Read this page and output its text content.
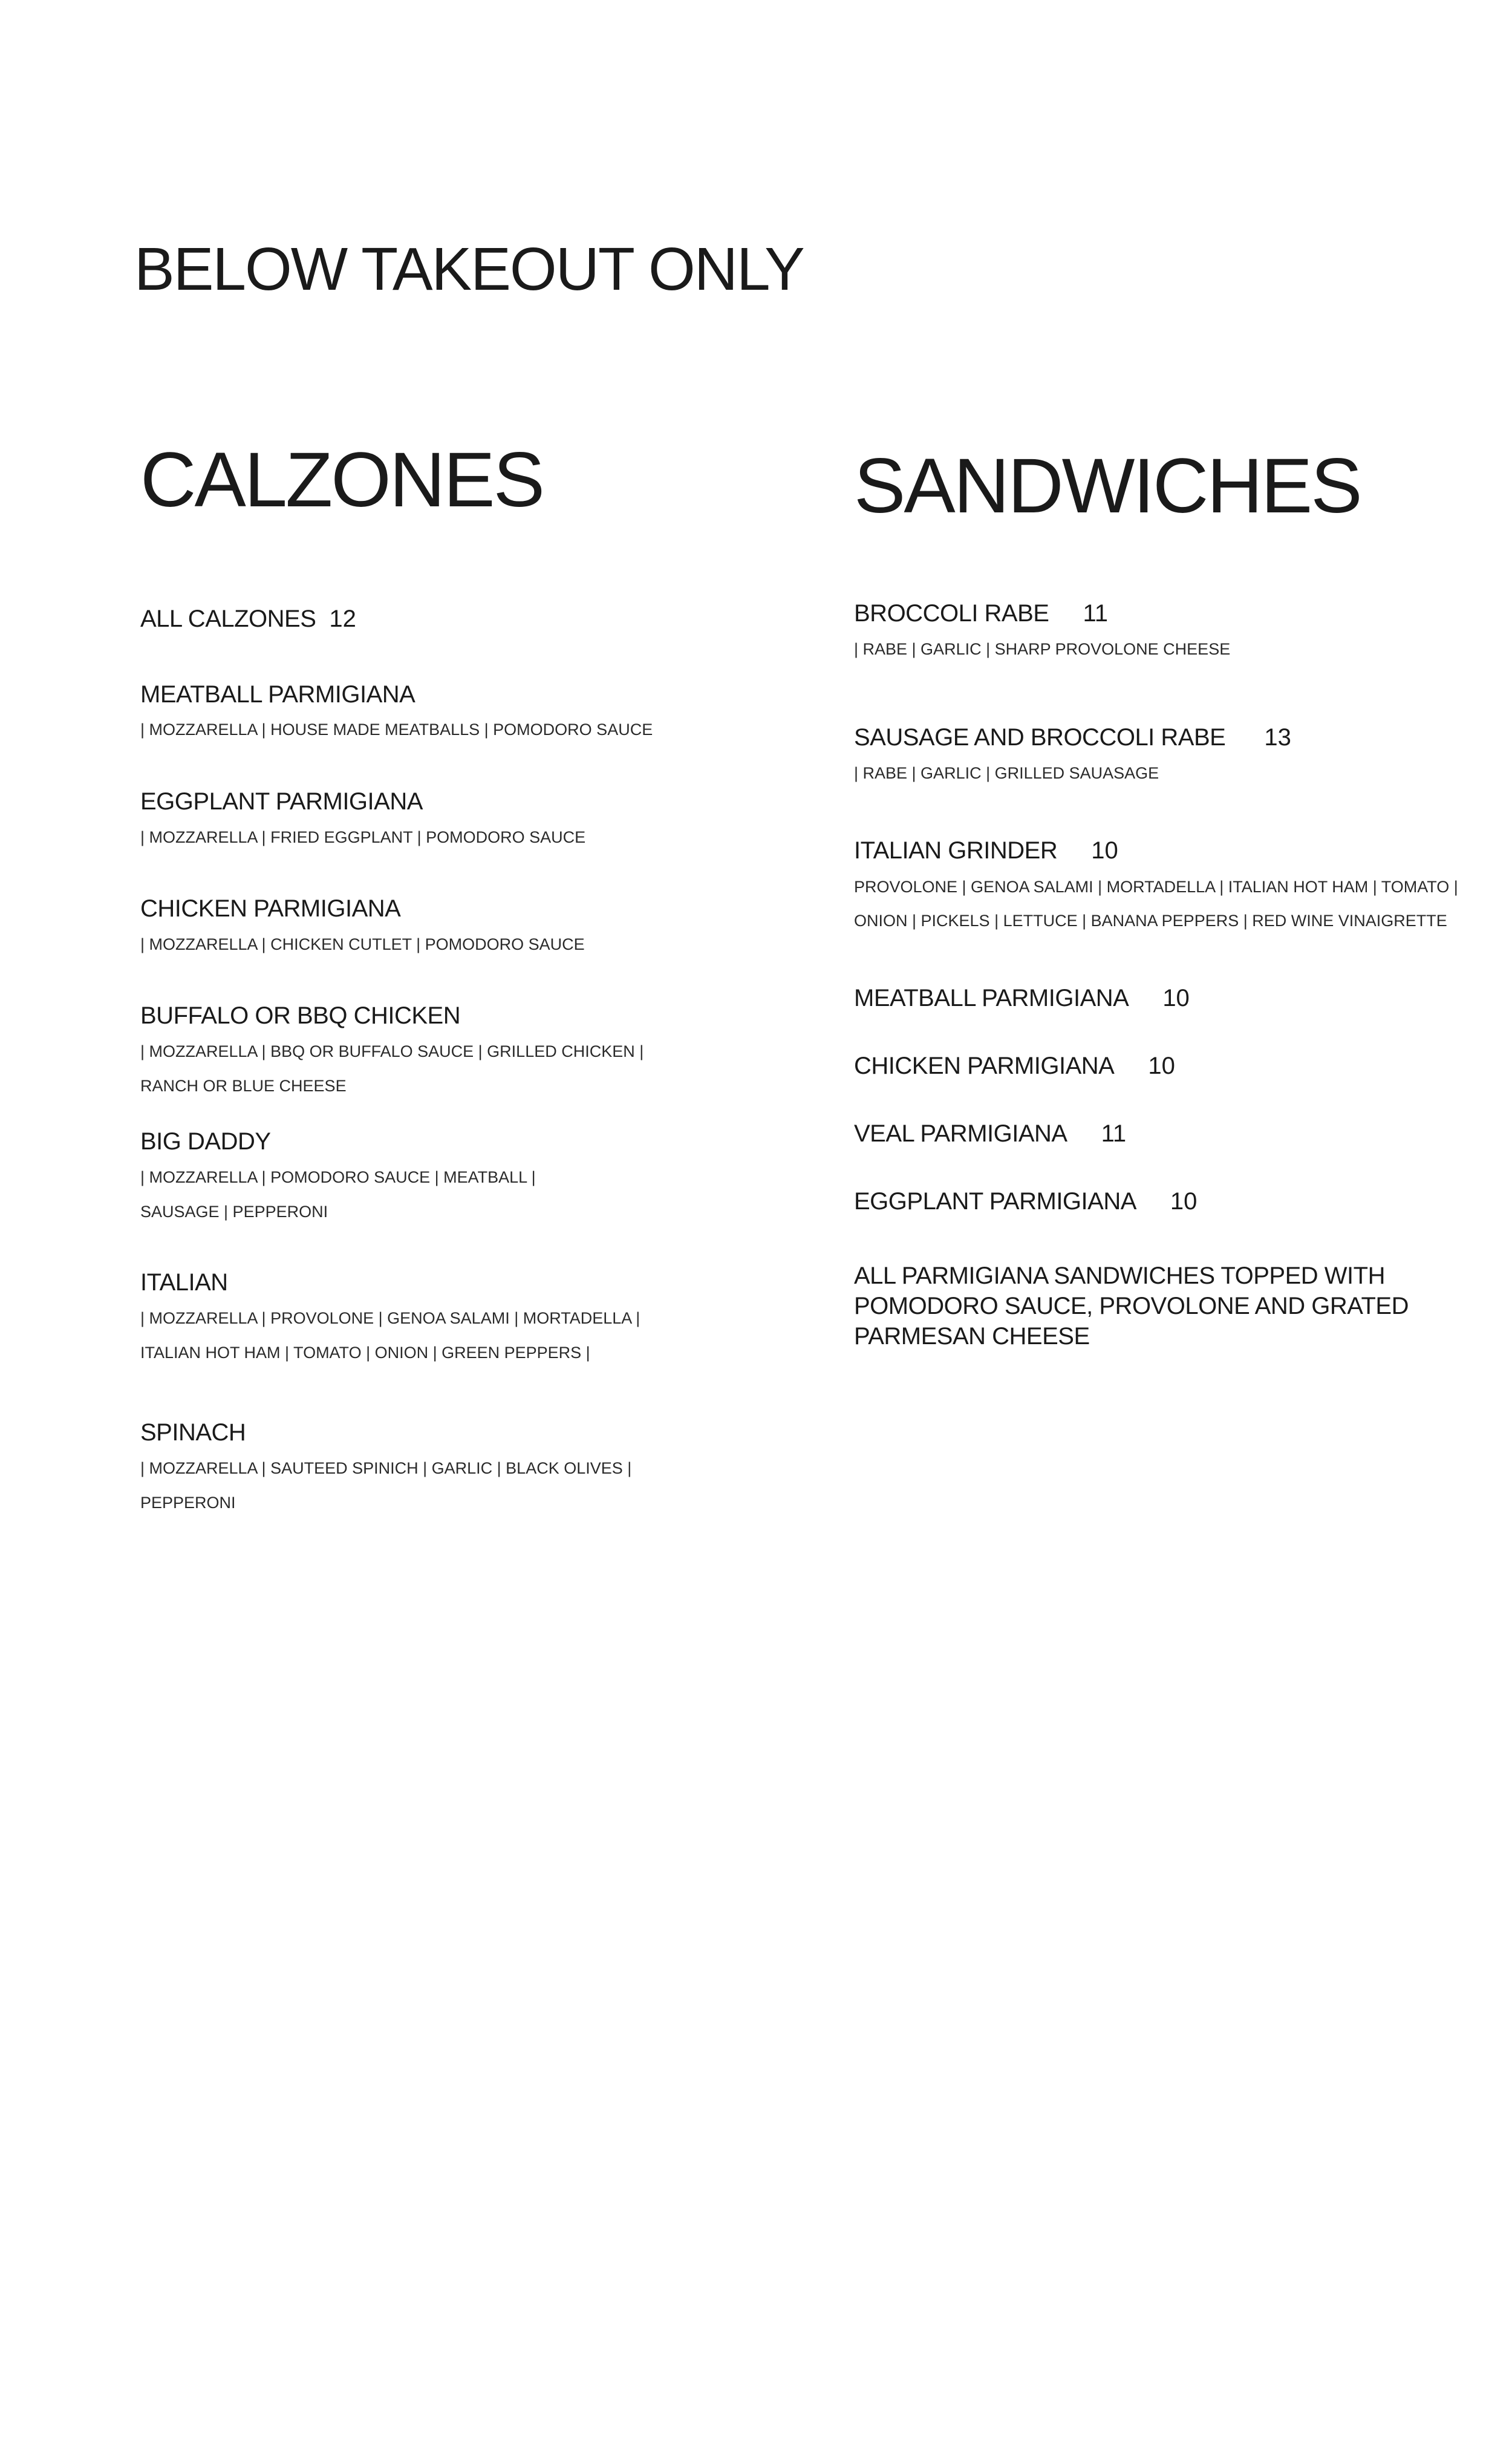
BELOW TAKEOUT ONLY
CALZONES
ALL CALZONES 12
MEATBALL PARMIGIANA
| MOZZARELLA | HOUSE MADE MEATBALLS | POMODORO SAUCE
EGGPLANT PARMIGIANA
| MOZZARELLA | FRIED EGGPLANT | POMODORO SAUCE
CHICKEN PARMIGIANA
| MOZZARELLA | CHICKEN CUTLET | POMODORO SAUCE
BUFFALO OR BBQ CHICKEN
| MOZZARELLA | BBQ OR BUFFALO SAUCE | GRILLED CHICKEN |
RANCH OR BLUE CHEESE
BIG DADDY
| MOZZARELLA | POMODORO SAUCE | MEATBALL |
SAUSAGE | PEPPERONI
ITALIAN
| MOZZARELLA | PROVOLONE | GENOA SALAMI | MORTADELLA |
ITALIAN HOT HAM | TOMATO | ONION | GREEN PEPPERS |
SPINACH
| MOZZARELLA | SAUTEED SPINICH | GARLIC | BLACK OLIVES |
PEPPERONI
SANDWICHES
BROCCOLI RABE 11
| RABE | GARLIC | SHARP PROVOLONE CHEESE
SAUSAGE AND BROCCOLI RABE 13
| RABE | GARLIC | GRILLED SAUASAGE
ITALIAN GRINDER 10
PROVOLONE | GENOA SALAMI | MORTADELLA | ITALIAN HOT HAM | TOMATO |
ONION | PICKELS | LETTUCE | BANANA PEPPERS | RED WINE VINAIGRETTE
MEATBALL PARMIGIANA 10
CHICKEN PARMIGIANA 10
VEAL PARMIGIANA 11
EGGPLANT PARMIGIANA 10
ALL PARMIGIANA SANDWICHES TOPPED WITH POMODORO SAUCE, PROVOLONE AND GRATED PARMESAN CHEESE
